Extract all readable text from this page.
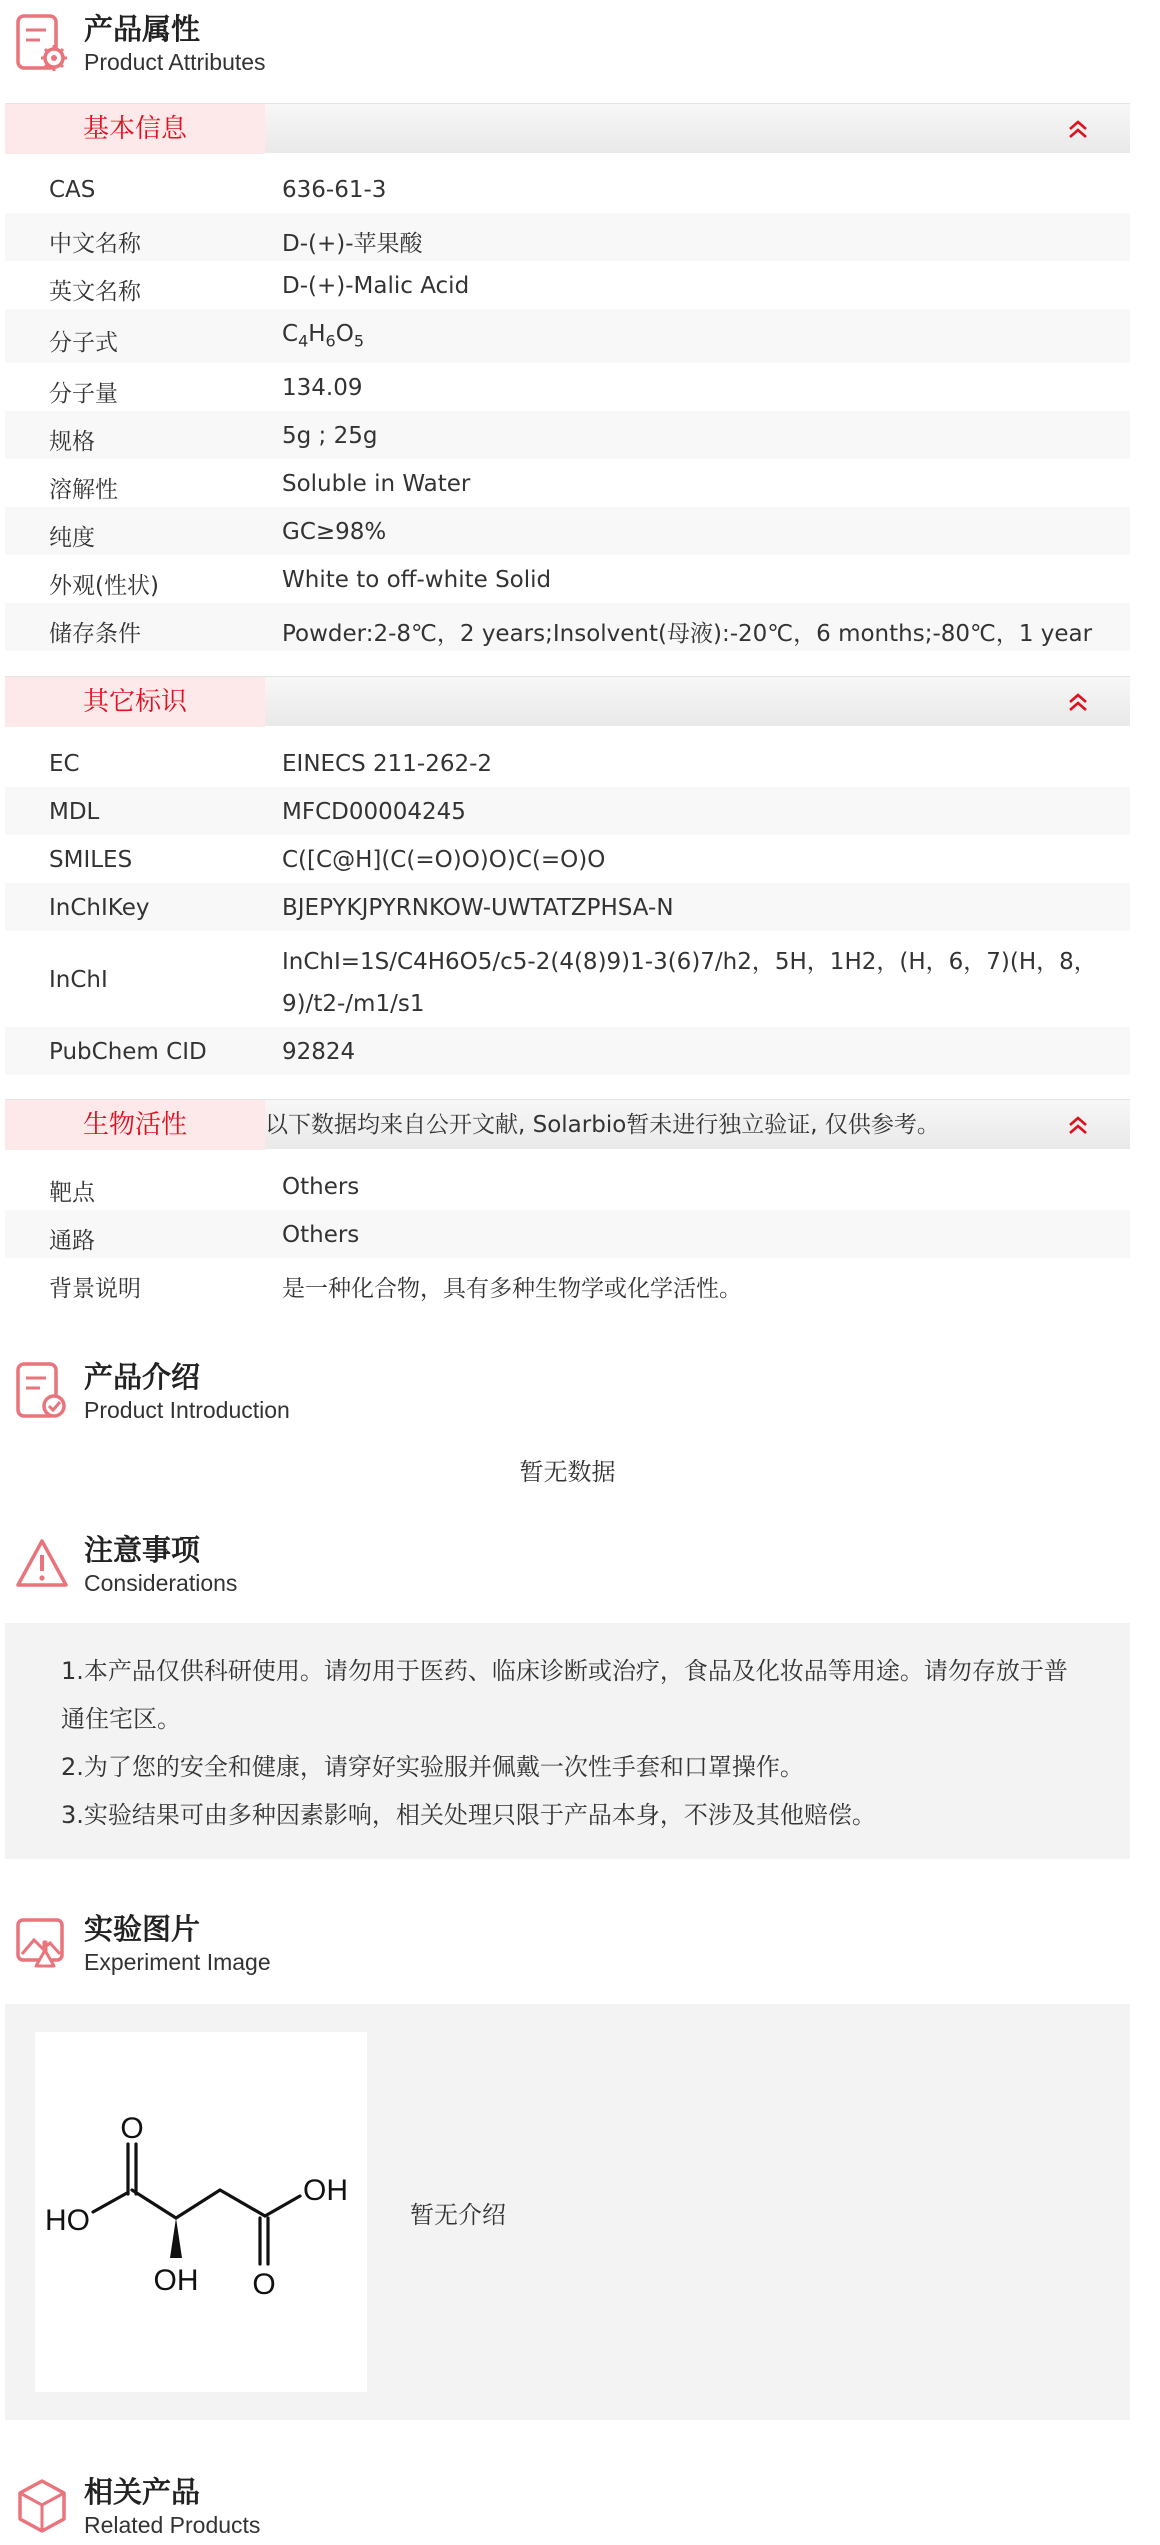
产品属性
Product Attributes
基本信息
CAS	636-61-3
中文名称	D-(+)-苹果酸
英文名称	D-(+)-Malic Acid
分子式	$C_4H_6O_5$
分子量	134.09
规格	5g ; 25g
溶解性	Soluble in Water
纯度	GC≥98%
外观(性状)	White to off-white Solid
储存条件	Powder:2-8℃，2 years;Insolvent(母液):-20℃，6 months;-80℃，1 year
其它标识
EC	EINECS 211-262-2
MDL	MFCD00004245
SMILES	C([C@H](C(=O)O)O)C(=O)O
InChIKey	BJEPYKJPYRNKOW-UWTATZPHSA-N
InChI
InChI=1S/C4H6O5/c5-2(4(8)9)1-3(6)7/h2，5H，1H2，(H，6，7)(H，8，
9)/t2-/m1/s1
PubChem CID	92824
生物活性	以下数据均来自公开文献, Solarbio暂未进行独立验证, 仅供参考。
靶点	Others
通路	Others
背景说明	是一种化合物，具有多种生物学或化学活性。
产品介绍
Product Introduction
暂无数据
注意事项
Considerations
1.本产品仅供科研使用。请勿用于医药、临床诊断或治疗，食品及化妆品等用途。请勿存放于普
通住宅区。
2.为了您的安全和健康，请穿好实验服并佩戴一次性手套和口罩操作。
3.实验结果可由多种因素影响，相关处理只限于产品本身，不涉及其他赔偿。
实验图片
Experiment Image
O
HO
OH
OH
O
暂无介绍
相关产品
Related Products
